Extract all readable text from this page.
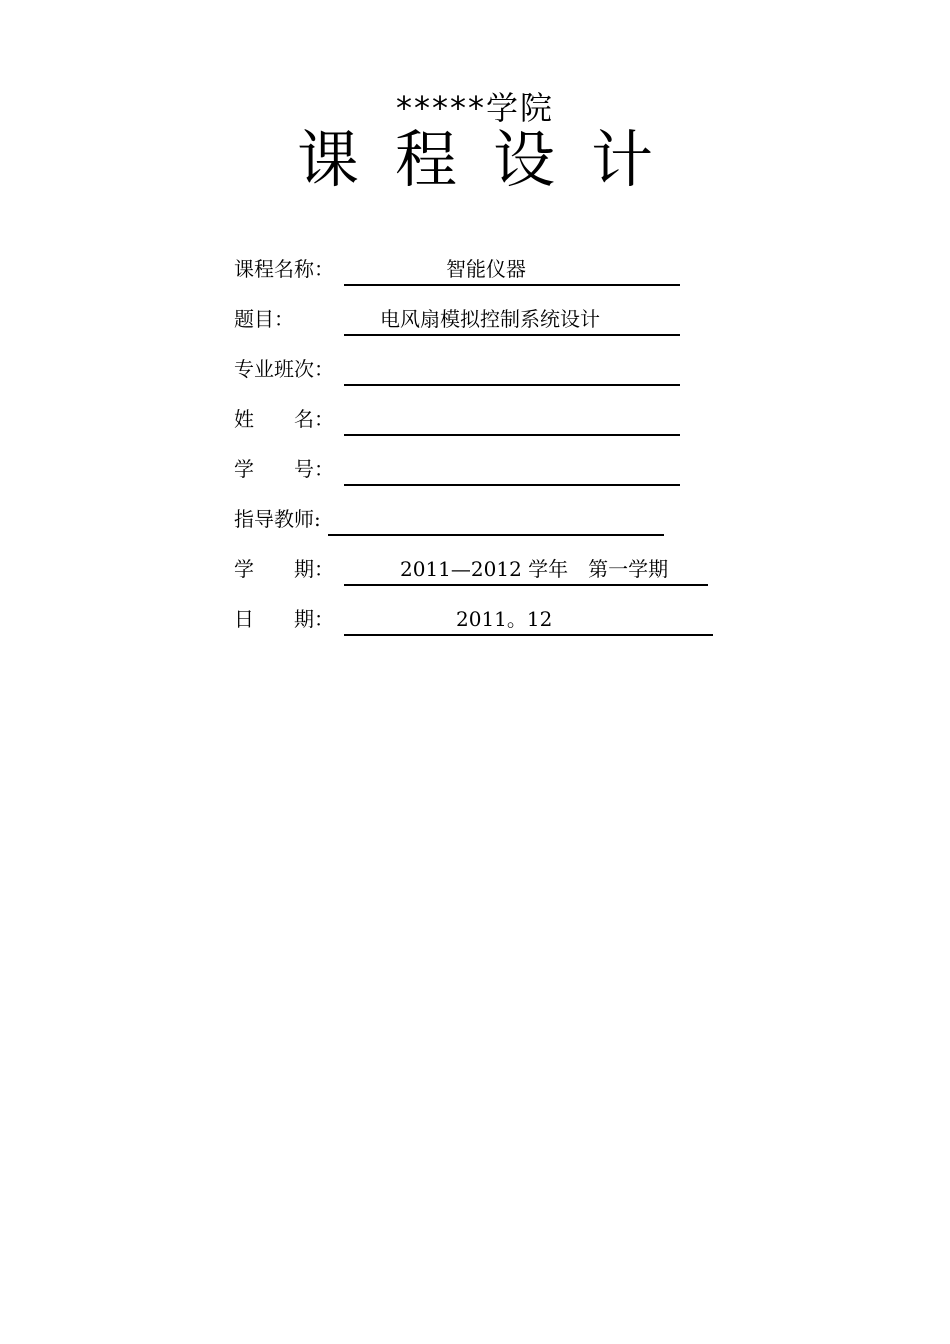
*****学院
课程设计
课程名称：	智能仪器
题目：	电风扇模拟控制系统设计
专业班次：
姓　　名：
学　　号：
指导教师:
学　　期：	2011—2012 学年　第一学期
日　　期：	2011。12
